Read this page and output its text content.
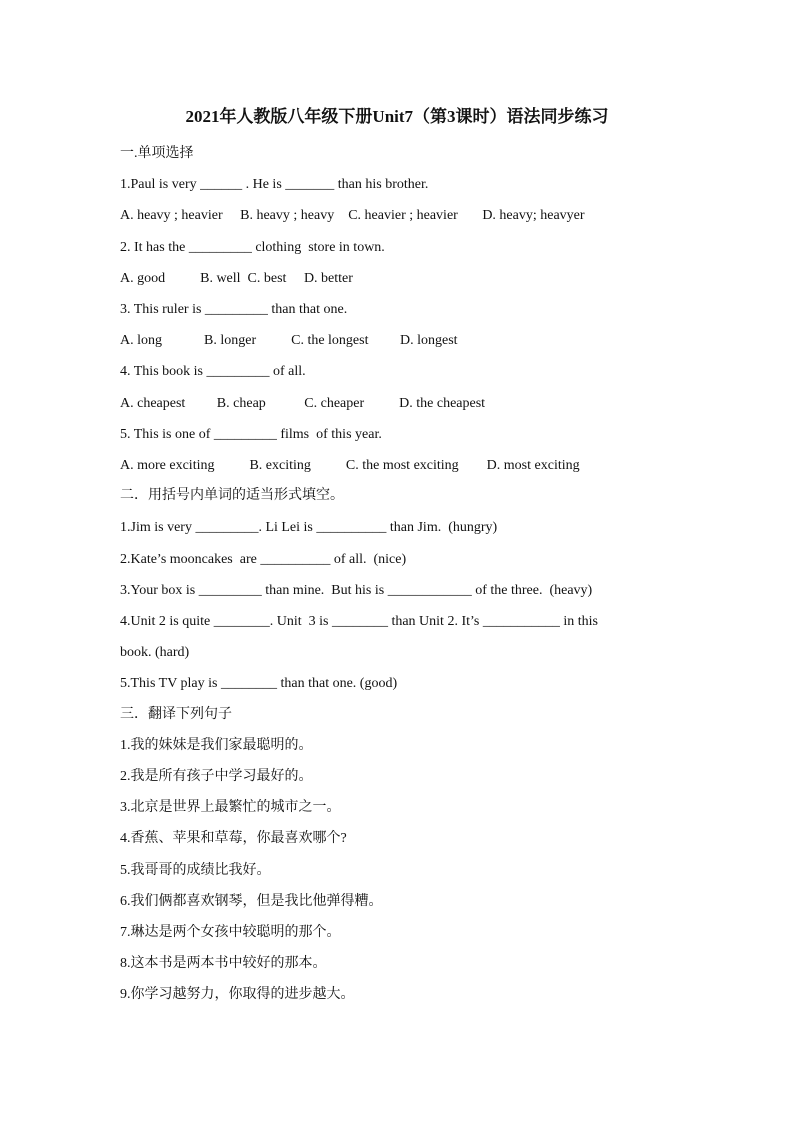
2021年人教版八年级下册Unit7（第3课时）语法同步练习
一.单项选择
1.Paul is very ______ . He is _______ than his brother.
A. heavy ; heavier     B. heavy ; heavy    C. heavier ; heavier       D. heavy; heavyer
2. It has the _________ clothing  store in town.
A. good          B. well  C. best     D. better
3. This ruler is _________ than that one.
A. long            B. longer          C. the longest         D. longest
4. This book is _________ of all.
A. cheapest         B. cheap           C. cheaper          D. the cheapest
5. This is one of _________ films  of this year.
A. more exciting          B. exciting          C. the most exciting        D. most exciting
二．用括号内单词的适当形式填空。
1.Jim is very _________. Li Lei is __________ than Jim.  (hungry)
2.Kate’s mooncakes  are __________ of all.  (nice)
3.Your box is _________ than mine.  But his is ____________ of the three.  (heavy)
4.Unit 2 is quite ________. Unit  3 is ________ than Unit 2. It’s ___________ in this
book. (hard)
5.This TV play is ________ than that one. (good)
三．翻译下列句子
1.我的妹妹是我们家最聪明的。
2.我是所有孩子中学习最好的。
3.北京是世界上最繁忙的城市之一。
4.香蕉、苹果和草莓，你最喜欢哪个?
5.我哥哥的成绩比我好。
6.我们俩都喜欢钢琴，但是我比他弹得糟。
7.琳达是两个女孩中较聪明的那个。
8.这本书是两本书中较好的那本。
9.你学习越努力，你取得的进步越大。
